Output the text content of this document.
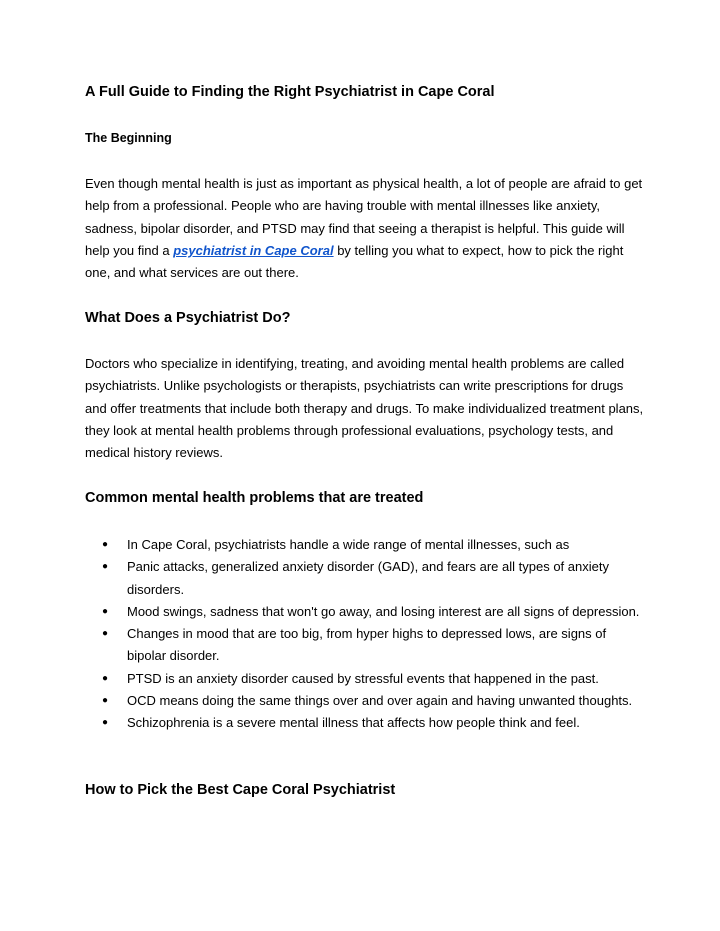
A Full Guide to Finding the Right Psychiatrist in Cape Coral
The Beginning

Even though mental health is just as important as physical health, a lot of people are afraid to get help from a professional. People who are having trouble with mental illnesses like anxiety, sadness, bipolar disorder, and PTSD may find that seeing a therapist is helpful. This guide will help you find a psychiatrist in Cape Coral by telling you what to expect, how to pick the right one, and what services are out there.

What Does a Psychiatrist Do?

Doctors who specialize in identifying, treating, and avoiding mental health problems are called psychiatrists. Unlike psychologists or therapists, psychiatrists can write prescriptions for drugs and offer treatments that include both therapy and drugs. To make individualized treatment plans, they look at mental health problems through professional evaluations, psychology tests, and medical history reviews.

Common mental health problems that are treated
● In Cape Coral, psychiatrists handle a wide range of mental illnesses, such as
● Panic attacks, generalized anxiety disorder (GAD), and fears are all types of anxiety disorders.
● Mood swings, sadness that won't go away, and losing interest are all signs of depression.
● Changes in mood that are too big, from hyper highs to depressed lows, are signs of bipolar disorder.
● PTSD is an anxiety disorder caused by stressful events that happened in the past.
● OCD means doing the same things over and over again and having unwanted thoughts.
● Schizophrenia is a severe mental illness that affects how people think and feel.
How to Pick the Best Cape Coral Psychiatrist
